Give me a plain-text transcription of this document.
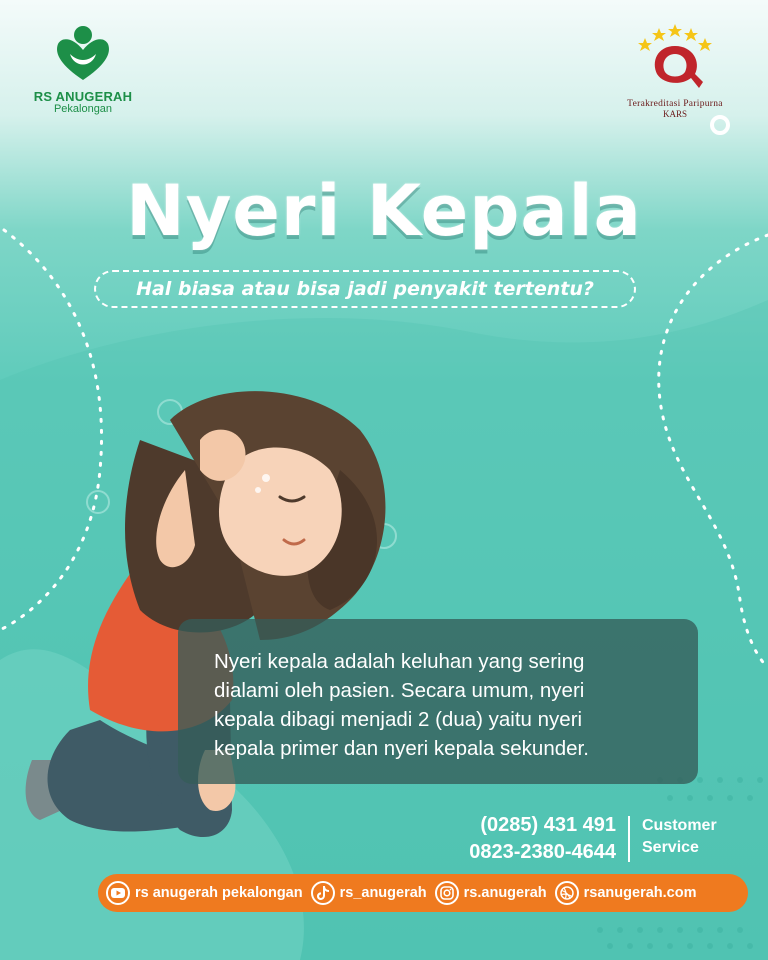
RS ANUGERAH
Pekalongan	Terakreditasi Paripurna
KARS
Nyeri Kepala
Hal biasa atau bisa jadi penyakit tertentu?
Nyeri kepala adalah keluhan yang sering
dialami oleh pasien. Secara umum, nyeri
kepala dibagi menjadi 2 (dua) yaitu nyeri
kepala primer dan nyeri kepala sekunder.
(0285) 431 491
0823-2380-4644
Customer
Service
rs anugerah pekalongan	rs_anugerah	rs.anugerah	rsanugerah.com
